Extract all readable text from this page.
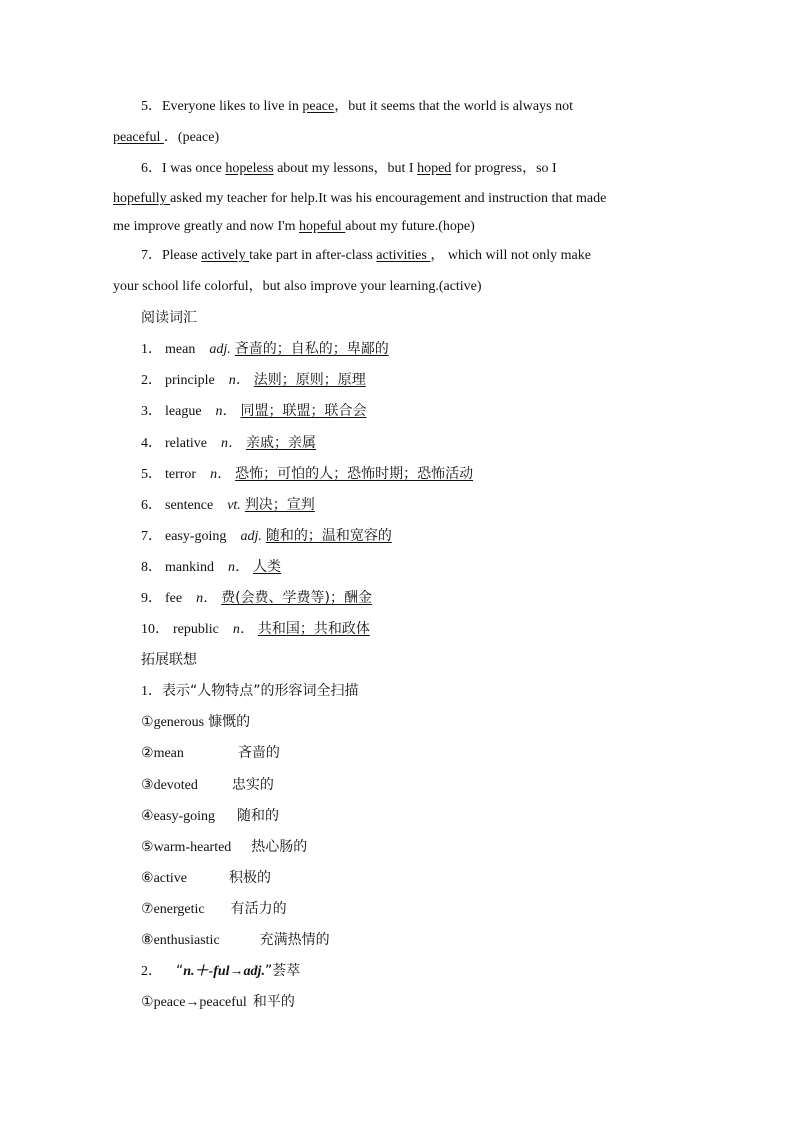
5．Everyone likes to live in peace，but it seems that the world is always not
peaceful ．(peace)
6．I was once hopeless about my lessons，but I hoped for progress，so I
hopefully asked my teacher for help.It was his encouragement and instruction that made
me improve greatly and now I'm hopeful about my future.(hope)
7．Please actively take part in after-class activities ， which will not only make
your school life colorful，but also improve your learning.(active)
阅读词汇
1． mean adj. 吝啬的；自私的；卑鄙的
2． principle n． 法则；原则；原理
3． league n． 同盟；联盟；联合会
4． relative n． 亲戚；亲属
5． terror n． 恐怖；可怕的人；恐怖时期；恐怖活动
6． sentence vt. 判决；宣判
7． easy-going adj. 随和的；温和宽容的
8． mankind n． 人类
9． fee n． 费(会费、学费等)；酬金
10． republic n． 共和国；共和政体
拓展联想
1．表示“人物特点”的形容词全扫描
①generous 慷慨的
②mean	吝啬的
③devoted 忠实的
④easy-going 随和的
⑤warm-hearted 热心肠的
⑥active	积极的
⑦energetic 有活力的
⑧enthusiastic	充满热情的
2． “n.＋-ful→adj.”荟萃
①peace→peaceful 和平的
